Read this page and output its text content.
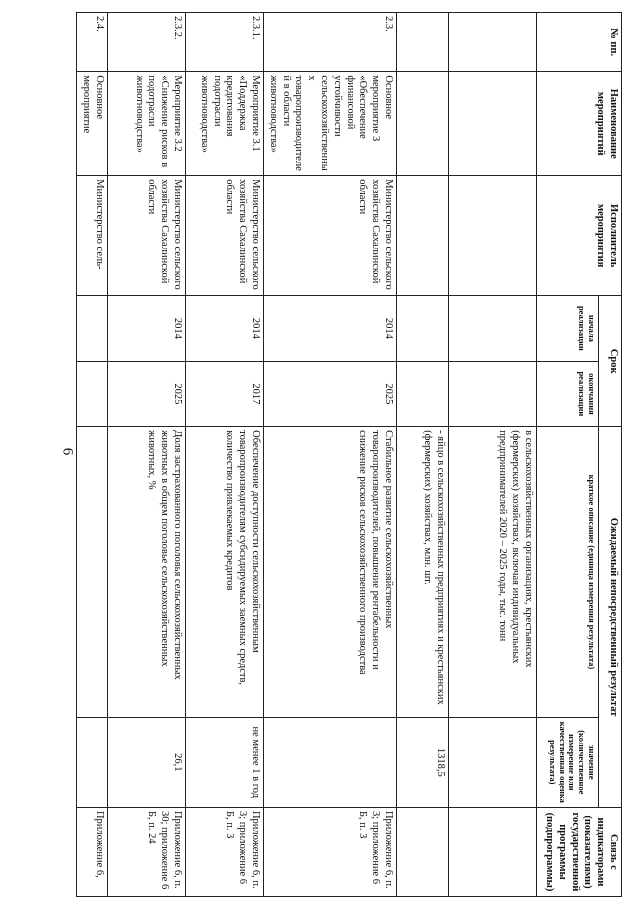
6
№ пп.	Наименование мероприятий	Исполнитель мероприятия	Срок		Ожидаемый непосредственный результат		Связь с индикаторами (показателями) государственной программы (подпрограммы)
			начала реализации	окончания реализации	краткое описание (единица измерения результата)	значение (количественное измерение или качественная оценка результата)	
					в сельскохозяйственных организациях, крестьянских (фермерских) хозяйствах, включая индивидуальных предпринимателей 2020 – 2025 годы, тыс. тонн		
					- яйцо в сельскохозяйственных предприятиях и крестьянских (фермерских) хозяйствах, млн. шт.	1318,5	
2.3.	Основное мероприятие 3 «Обеспечение финансовой устойчивости сельскохозяйственных товаропроизводителей в области животноводства»	Министерство сельского хозяйства Сахалинской области	2014	2025	Стабильное развитие сельскохозяйственных товаропроизводителей, повышение рентабельности и снижение рисков сельскохозяйственного производства		Приложение 6, п. 3; приложение 6 Б, п. 3
2.3.1.	Мероприятие 3.1 «Поддержка кредитования подотрасли животноводства»	Министерство сельского хозяйства Сахалинской области	2014	2017	Обеспечение доступности сельскохозяйственным товаропроизводителям субсидируемых заемных средств, количество привлекаемых кредитов	не менее 1 в год	Приложение 6, п. 3; приложение 6 Б, п. 3
2.3.2.	Мероприятие 3.2 «Снижение рисков в подотрасли животноводства»	Министерство сельского хозяйства Сахалинской области	2014	2025	Доля застрахованного поголовья сельскохозяйственных животных в общем поголовье сельскохозяйственных животных, %	26,1	Приложение 6, п. 30; приложение 6 Б, п. 24
2.4.	Основное мероприятие	Министерство сель-					Приложение 6,
